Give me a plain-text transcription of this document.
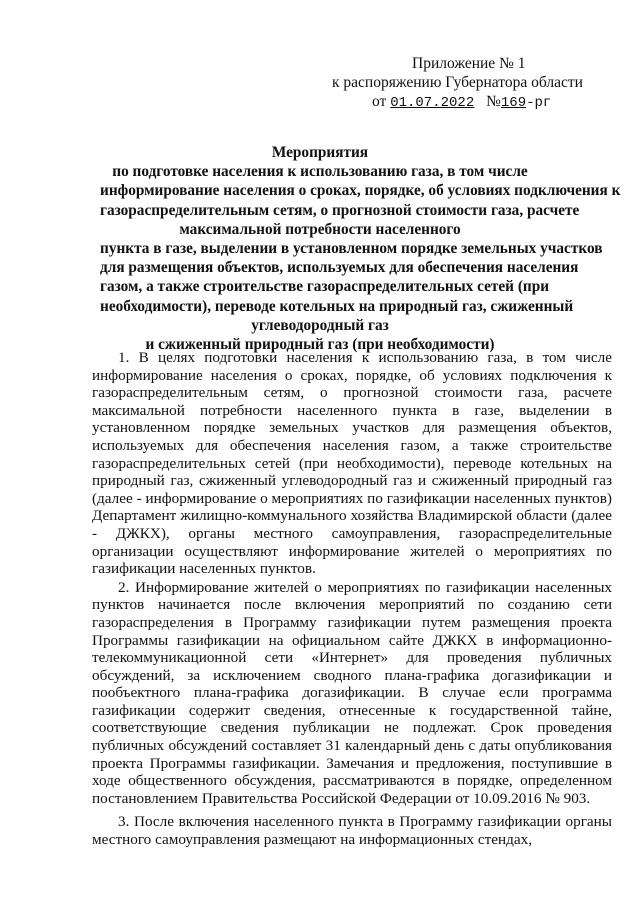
Приложение № 1
к распоряжению Губернатора области
от 01.07.2022 №169-рг
Мероприятия
по подготовке населения к использованию газа, в том числе
информирование населения о сроках, порядке, об условиях подключения к
газораспределительным сетям, о прогнозной стоимости газа, расчете
максимальной потребности населенного
пункта в газе, выделении в установленном порядке земельных участков
для размещения объектов, используемых для обеспечения населения
газом, а также строительстве газораспределительных сетей (при
необходимости), переводе котельных на природный газ, сжиженный
углеводородный газ
и сжиженный природный газ (при необходимости)

1. В целях подготовки населения к использованию газа, в том числе информирование населения о сроках, порядке, об условиях подключения к газораспределительным сетям, о прогнозной стоимости газа, расчете максимальной потребности населенного пункта в газе, выделении в установленном порядке земельных участков для размещения объектов, используемых для обеспечения населения газом, а также строительстве газораспределительных сетей (при необходимости), переводе котельных на природный газ, сжиженный углеводородный газ и сжиженный природный газ (далее - информирование о мероприятиях по газификации населенных пунктов) Департамент жилищно-коммунального хозяйства Владимирской области (далее - ДЖКХ), органы местного самоуправления, газораспределительные организации осуществляют информирование жителей о мероприятиях по газификации населенных пунктов.

2. Информирование жителей о мероприятиях по газификации населенных пунктов начинается после включения мероприятий по созданию сети газораспределения в Программу газификации путем размещения проекта Программы газификации на официальном сайте ДЖКХ в информационно-телекоммуникационной сети «Интернет» для проведения публичных обсуждений, за исключением сводного плана-графика догазификации и пообъектного плана-графика догазификации. В случае если программа газификации содержит сведения, отнесенные к государственной тайне, соответствующие сведения публикации не подлежат. Срок проведения публичных обсуждений составляет 31 календарный день с даты опубликования проекта Программы газификации. Замечания и предложения, поступившие в ходе общественного обсуждения, рассматриваются в порядке, определенном постановлением Правительства Российской Федерации от 10.09.2016 № 903.

3. После включения населенного пункта в Программу газификации органы местного самоуправления размещают на информационных стендах,
